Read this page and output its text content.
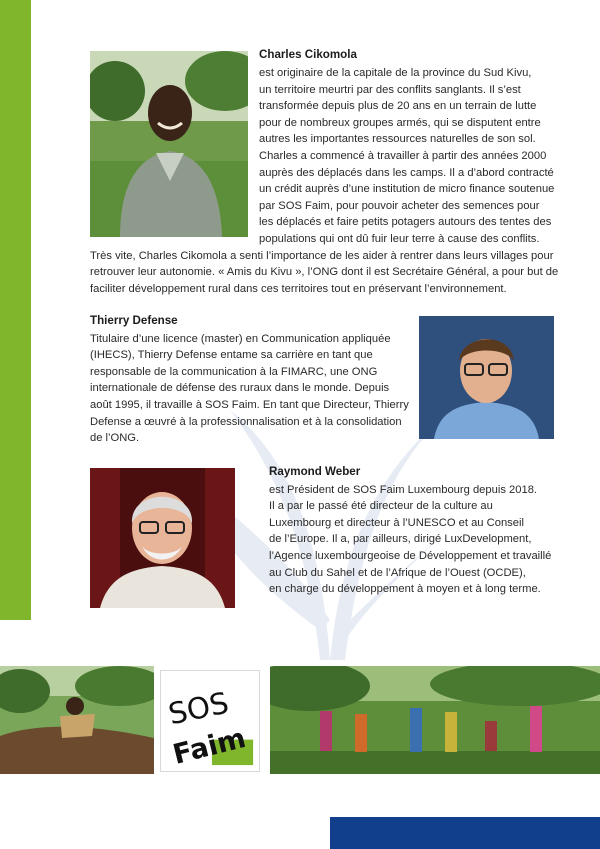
Charles Cikomola
est originaire de la capitale de la province du Sud Kivu,
un territoire meurtri par des conflits sanglants. Il s’est
transformée depuis plus de 20 ans en un terrain de lutte
pour de nombreux groupes armés, qui se disputent entre
autres les importantes ressources naturelles de son sol.
Charles a commencé à travailler à partir des années 2000
auprès des déplacés dans les camps. Il a d’abord contracté
un crédit auprès d’une institution de micro finance soutenue
par SOS Faim, pour pouvoir acheter des semences pour
les déplacés et faire petits potagers autours des tentes des
populations qui ont dû fuir leur terre à cause des conflits.
Très vite, Charles Cikomola a senti l’importance de les aider à rentrer dans leurs villages pour
retrouver leur autonomie. « Amis du Kivu », l’ONG dont il est Secrétaire Général, a pour but de
faciliter développement rural dans ces territoires tout en préservant l’environnement.
Thierry Defense
Titulaire d’une licence (master) en Communication appliquée
(IHECS), Thierry Defense entame sa carrière en tant que
responsable de la communication à la FIMARC, une ONG
internationale de défense des ruraux dans le monde. Depuis
août 1995, il travaille à SOS Faim. En tant que Directeur, Thierry
Defense a œuvré à la professionnalisation et à la consolidation
de l’ONG.
Raymond Weber
est Président de SOS Faim Luxembourg depuis 2018.
Il a par le passé été directeur de la culture au
Luxembourg et directeur à l’UNESCO et au Conseil
de l’Europe. Il a, par ailleurs, dirigé LuxDevelopment,
l’Agence luxembourgeoise de Développement et travaillé
au Club du Sahel et de l’Afrique de l’Ouest (OCDE),
en charge du développement à moyen et à long terme.
SOS
Faim
